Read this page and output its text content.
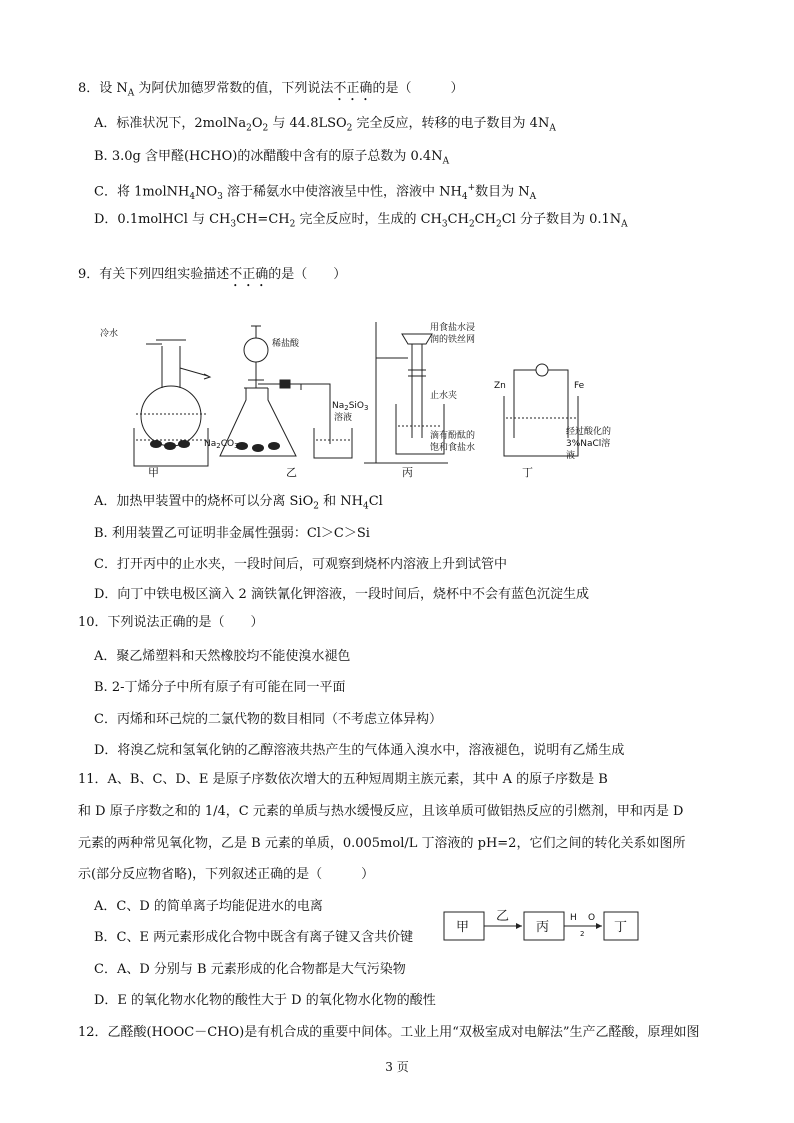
8．设 $N_A$ 为阿伏加德罗常数的值，下列说法不正确的是（　　　）
A．标准状况下，$2molNa_2O_2$ 与 $44.8LSO_2$ 完全反应，转移的电子数目为 $4N_A$
B. 3.0g 含甲醛(HCHO)的冰醋酸中含有的原子总数为 $0.4N_A$
C．将 $1molNH_4NO_3$ 溶于稀氨水中使溶液呈中性，溶液中 $NH_4^+$数目为 $N_A$
D．0.1molHCl 与 $CH_3CH=CH_2$ 完全反应时，生成的 $CH_3CH_2CH_2Cl$ 分子数目为 $0.1N_A$
9．有关下列四组实验描述不正确的是（　　）
冷水
稀盐酸
$Na_2SiO_3$
溶液
$Na_2CO_3$
用食盐水浸
润的铁丝网
止水夹
滴有酚酞的
饱和食盐水
Zn	Fe
经过酸化的
3%NaCl溶
液
甲	乙	丙	丁
A．加热甲装置中的烧杯可以分离 SiO$_2$ 和 $NH_4Cl$
B. 利用装置乙可证明非金属性强弱：Cl＞C＞Si
C．打开丙中的止水夹，一段时间后，可观察到烧杯内溶液上升到试管中
D．向丁中铁电极区滴入 2 滴铁氰化钾溶液，一段时间后，烧杯中不会有蓝色沉淀生成
10．下列说法正确的是（　　）
A．聚乙烯塑料和天然橡胶均不能使溴水褪色
B. 2-丁烯分子中所有原子有可能在同一平面
C．丙烯和环己烷的二氯代物的数目相同（不考虑立体异构）
D．将溴乙烷和氢氧化钠的乙醇溶液共热产生的气体通入溴水中，溶液褪色，说明有乙烯生成
11．A、B、C、D、E 是原子序数依次增大的五种短周期主族元素，其中 A 的原子序数是 B
和 D 原子序数之和的 1/4，C 元素的单质与热水缓慢反应，且该单质可做铝热反应的引燃剂，甲和丙是 D
元素的两种常见氧化物，乙是 B 元素的单质，0.005mol/L 丁溶液的 pH=2，它们之间的转化关系如图所
示(部分反应物省略)，下列叙述正确的是（　　　）
A．C、D 的简单离子均能促进水的电离
B．C、E 两元素形成化合物中既含有离子键又含共价键
C．A、D 分别与 B 元素形成的化合物都是大气污染物
D．E 的氧化物水化物的酸性大于 D 的氧化物水化物的酸性
甲	丙	丁
乙	H O
2
12．乙醛酸(HOOC－CHO)是有机合成的重要中间体。工业上用“双极室成对电解法”生产乙醛酸，原理如图
3 页
